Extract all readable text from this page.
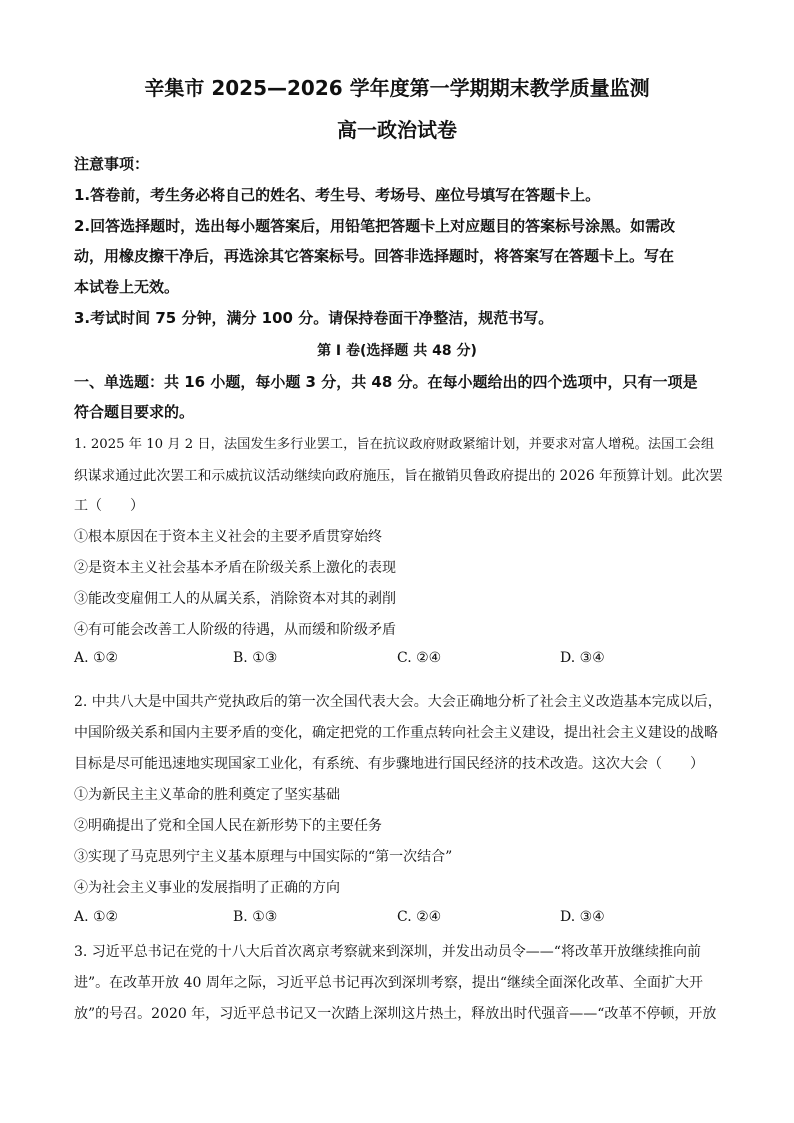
辛集市 2025—2026 学年度第一学期期末教学质量监测
高一政治试卷
注意事项：
1.答卷前，考生务必将自己的姓名、考生号、考场号、座位号填写在答题卡上。
2.回答选择题时，选出每小题答案后，用铅笔把答题卡上对应题目的答案标号涂黑。如需改
动，用橡皮擦干净后，再选涂其它答案标号。回答非选择题时，将答案写在答题卡上。写在
本试卷上无效。
3.考试时间 75 分钟，满分 100 分。请保持卷面干净整洁，规范书写。
第 I 卷(选择题 共 48 分)
一、单选题：共 16 小题，每小题 3 分，共 48 分。在每小题给出的四个选项中，只有一项是
符合题目要求的。
1. 2025 年 10 月 2 日，法国发生多行业罢工，旨在抗议政府财政紧缩计划，并要求对富人增税。法国工会组
织谋求通过此次罢工和示威抗议活动继续向政府施压，旨在撤销贝鲁政府提出的 2026 年预算计划。此次罢
工（　　）
①根本原因在于资本主义社会的主要矛盾贯穿始终
②是资本主义社会基本矛盾在阶级关系上激化的表现
③能改变雇佣工人的从属关系，消除资本对其的剥削
④有可能会改善工人阶级的待遇，从而缓和阶级矛盾
A. ①②	B. ①③	C. ②④	D. ③④
2. 中共八大是中国共产党执政后的第一次全国代表大会。大会正确地分析了社会主义改造基本完成以后，
中国阶级关系和国内主要矛盾的变化，确定把党的工作重点转向社会主义建设，提出社会主义建设的战略
目标是尽可能迅速地实现国家工业化，有系统、有步骤地进行国民经济的技术改造。这次大会（　　）
①为新民主主义革命的胜利奠定了坚实基础
②明确提出了党和全国人民在新形势下的主要任务
③实现了马克思列宁主义基本原理与中国实际的“第一次结合”
④为社会主义事业的发展指明了正确的方向
A. ①②	B. ①③	C. ②④	D. ③④
3. 习近平总书记在党的十八大后首次离京考察就来到深圳，并发出动员令——“将改革开放继续推向前
进”。在改革开放 40 周年之际，习近平总书记再次到深圳考察，提出“继续全面深化改革、全面扩大开
放”的号召。2020 年，习近平总书记又一次踏上深圳这片热土，释放出时代强音——“改革不停顿，开放
